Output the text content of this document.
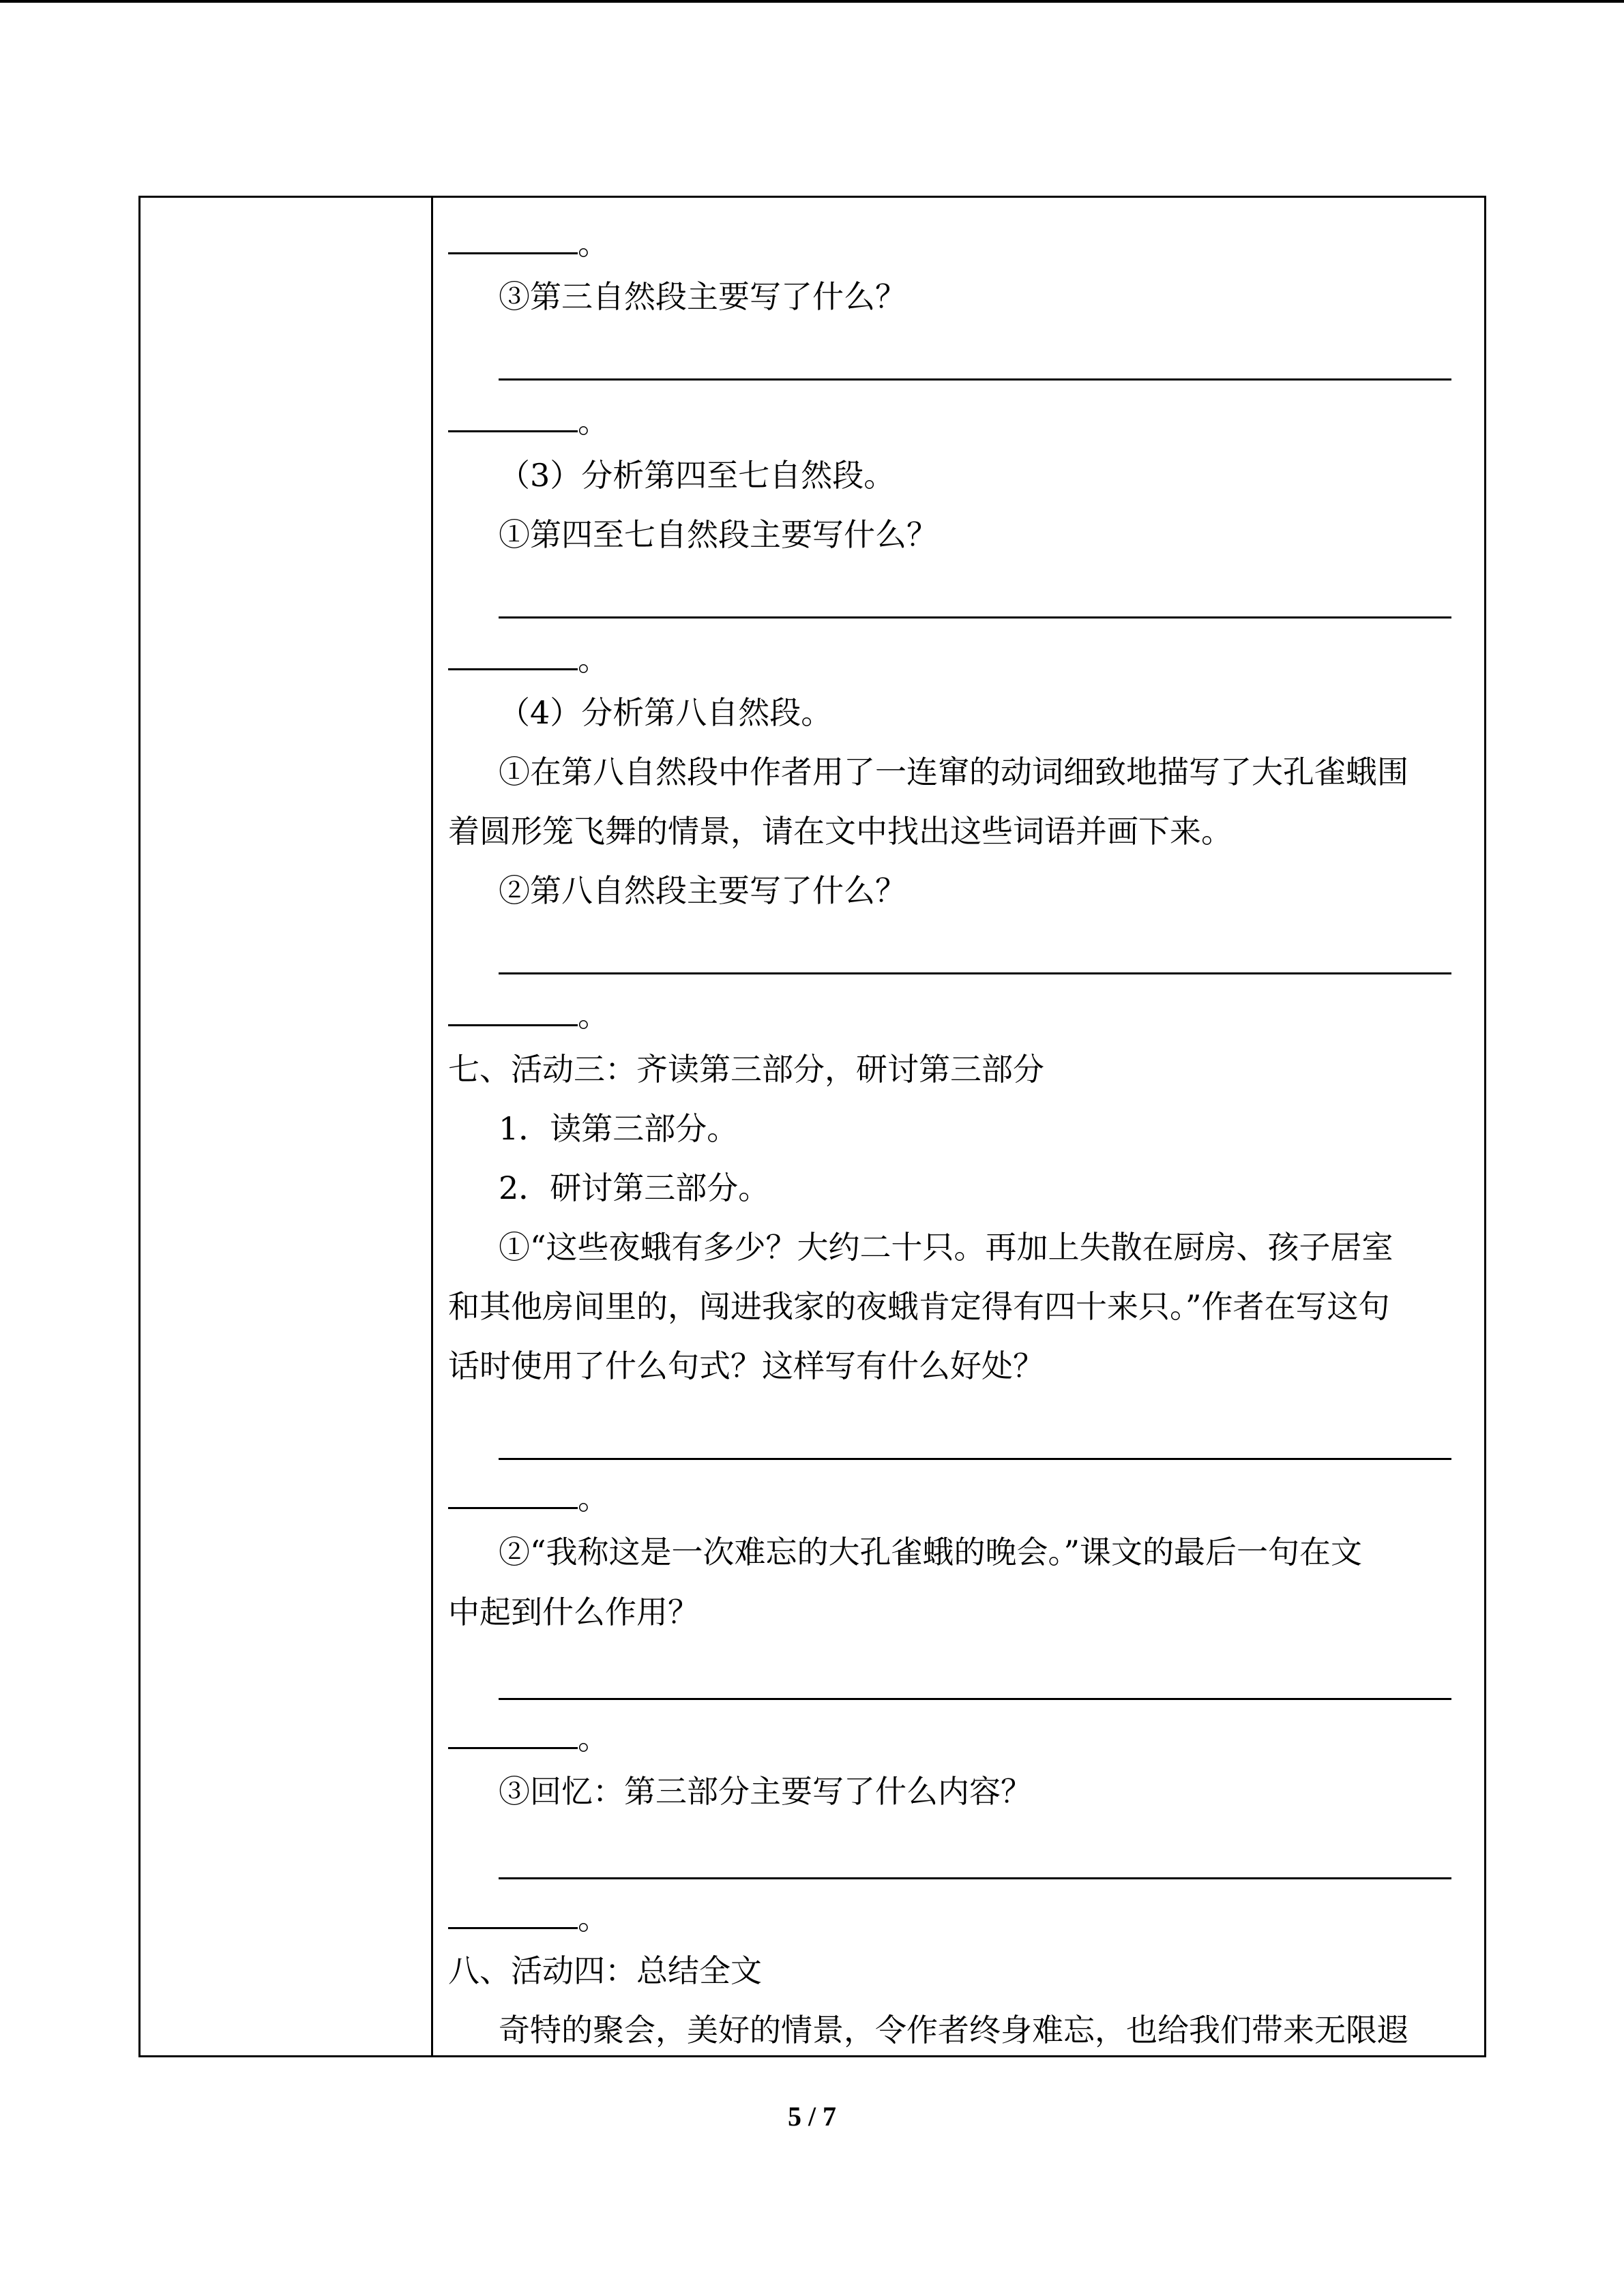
。
③第三自然段主要写了什么？
。
（3）分析第四至七自然段。
①第四至七自然段主要写什么？
。
（4）分析第八自然段。
①在第八自然段中作者用了一连窜的动词细致地描写了大孔雀蛾围
着圆形笼飞舞的情景，请在文中找出这些词语并画下来。
②第八自然段主要写了什么？
。
七、活动三：齐读第三部分，研讨第三部分
1．读第三部分。
2．研讨第三部分。
①“这些夜蛾有多少？大约二十只。再加上失散在厨房、孩子居室
和其他房间里的，闯进我家的夜蛾肯定得有四十来只。”作者在写这句
话时使用了什么句式？这样写有什么好处？
。
②“我称这是一次难忘的大孔雀蛾的晚会。”课文的最后一句在文
中起到什么作用？
。
③回忆：第三部分主要写了什么内容？
。
八、活动四：总结全文
奇特的聚会，美好的情景，令作者终身难忘，也给我们带来无限遐
5 / 7
